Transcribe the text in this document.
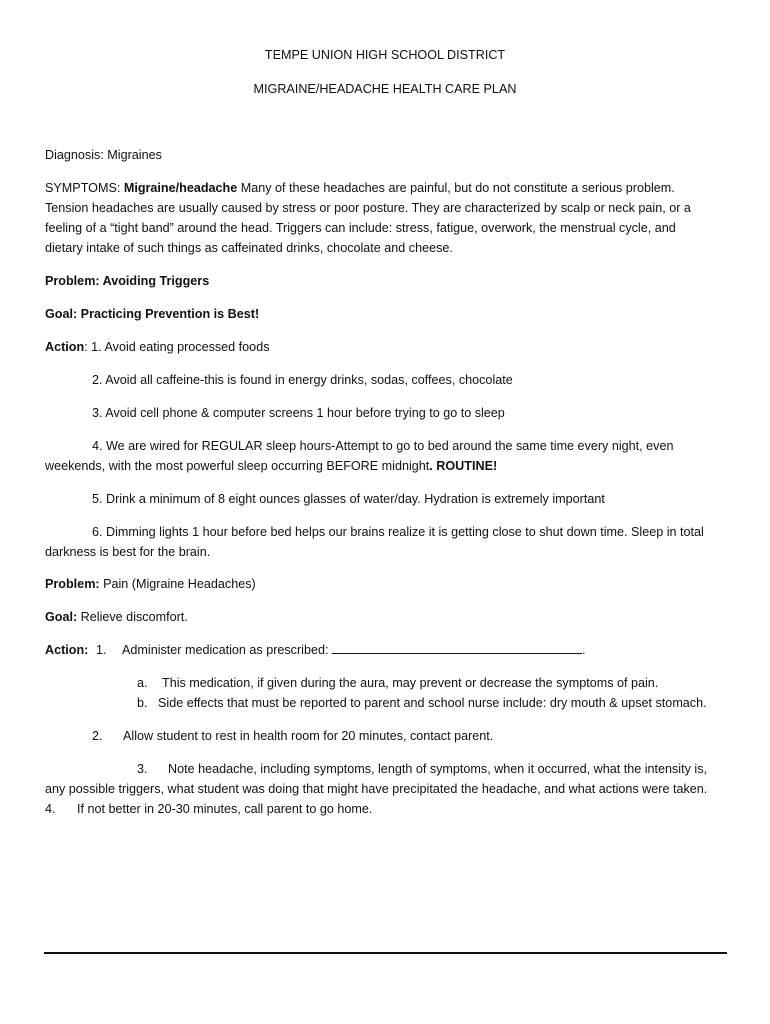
TEMPE UNION HIGH SCHOOL DISTRICT
MIGRAINE/HEADACHE HEALTH CARE PLAN
Diagnosis: Migraines
SYMPTOMS: Migraine/headache Many of these headaches are painful, but do not constitute a serious problem.
Tension headaches are usually caused by stress or poor posture. They are characterized by scalp or neck pain, or a
feeling of a “tight band” around the head. Triggers can include: stress, fatigue, overwork, the menstrual cycle, and
dietary intake of such things as caffeinated drinks, chocolate and cheese.
Problem: Avoiding Triggers
Goal: Practicing Prevention is Best!
Action: 1. Avoid eating processed foods
2. Avoid all caffeine-this is found in energy drinks, sodas, coffees, chocolate
3. Avoid cell phone & computer screens 1 hour before trying to go to sleep
4. We are wired for REGULAR sleep hours-Attempt to go to bed around the same time every night, even
weekends, with the most powerful sleep occurring BEFORE midnight. ROUTINE!
5. Drink a minimum of 8 eight ounces glasses of water/day. Hydration is extremely important
6. Dimming lights 1 hour before bed helps our brains realize it is getting close to shut down time. Sleep in total
darkness is best for the brain.
Problem: Pain (Migraine Headaches)
Goal: Relieve discomfort.
Action: 1. Administer medication as prescribed:	.
a. This medication, if given during the aura, may prevent or decrease the symptoms of pain.
b. Side effects that must be reported to parent and school nurse include: dry mouth & upset stomach.
2. Allow student to rest in health room for 20 minutes, contact parent.
3. Note headache, including symptoms, length of symptoms, when it occurred, what the intensity is,
any possible triggers, what student was doing that might have precipitated the headache, and what actions were taken.
4. If not better in 20-30 minutes, call parent to go home.
